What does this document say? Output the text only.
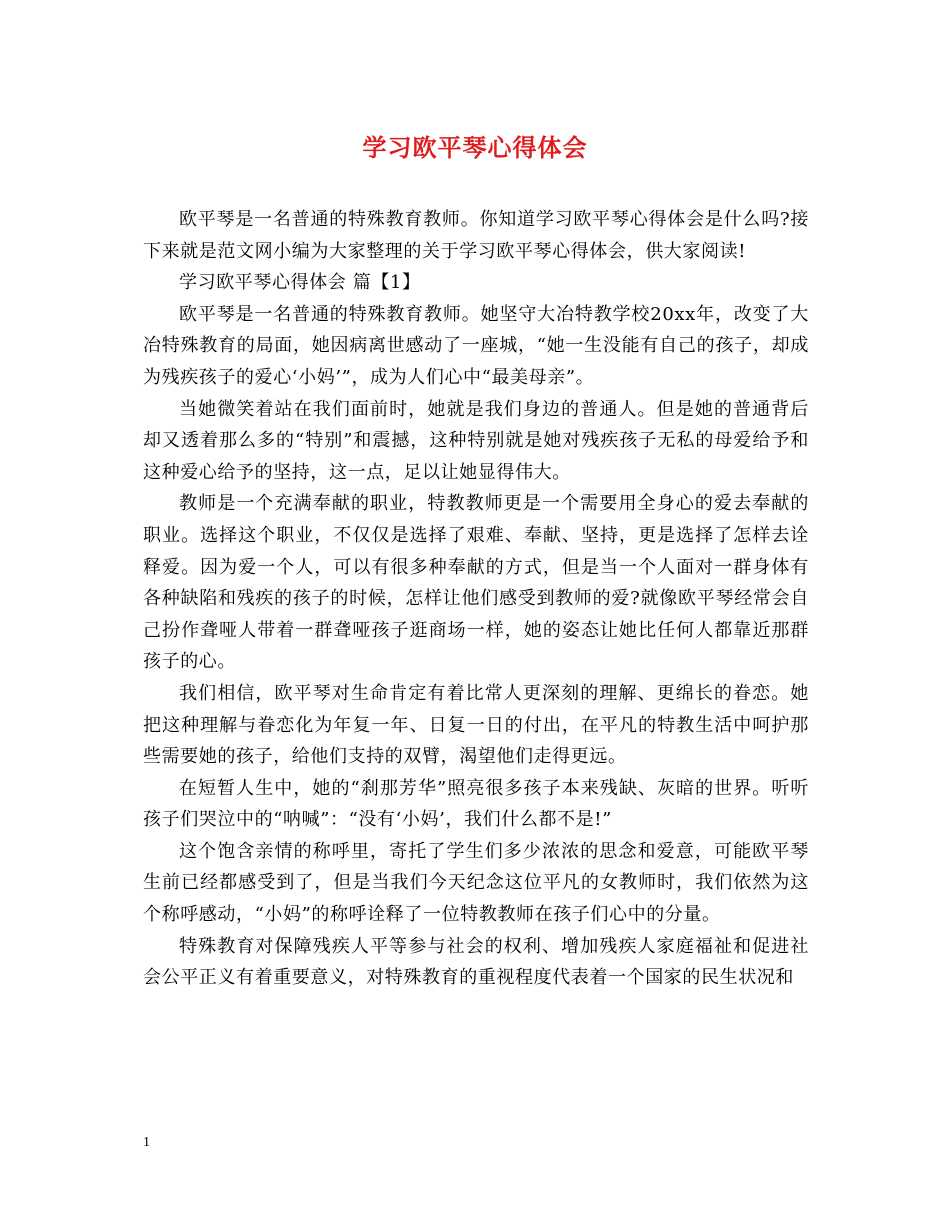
学习欧平琴心得体会

欧平琴是一名普通的特殊教育教师。你知道学习欧平琴心得体会是什么吗?接下来就是范文网小编为大家整理的关于学习欧平琴心得体会，供大家阅读!

学习欧平琴心得体会 篇【1】

欧平琴是一名普通的特殊教育教师。她坚守大冶特教学校20xx年，改变了大冶特殊教育的局面，她因病离世感动了一座城，“她一生没能有自己的孩子，却成为残疾孩子的爱心‘小妈’”，成为人们心中“最美母亲”。

当她微笑着站在我们面前时，她就是我们身边的普通人。但是她的普通背后却又透着那么多的“特别”和震撼，这种特别就是她对残疾孩子无私的母爱给予和这种爱心给予的坚持，这一点，足以让她显得伟大。

教师是一个充满奉献的职业，特教教师更是一个需要用全身心的爱去奉献的职业。选择这个职业，不仅仅是选择了艰难、奉献、坚持，更是选择了怎样去诠释爱。因为爱一个人，可以有很多种奉献的方式，但是当一个人面对一群身体有各种缺陷和残疾的孩子的时候，怎样让他们感受到教师的爱?就像欧平琴经常会自己扮作聋哑人带着一群聋哑孩子逛商场一样，她的姿态让她比任何人都靠近那群孩子的心。

我们相信，欧平琴对生命肯定有着比常人更深刻的理解、更绵长的眷恋。她把这种理解与眷恋化为年复一年、日复一日的付出，在平凡的特教生活中呵护那些需要她的孩子，给他们支持的双臂，渴望他们走得更远。

在短暂人生中，她的“刹那芳华”照亮很多孩子本来残缺、灰暗的世界。听听孩子们哭泣中的“呐喊”：“没有‘小妈’，我们什么都不是!”

这个饱含亲情的称呼里，寄托了学生们多少浓浓的思念和爱意，可能欧平琴生前已经都感受到了，但是当我们今天纪念这位平凡的女教师时，我们依然为这个称呼感动，“小妈”的称呼诠释了一位特教教师在孩子们心中的分量。

特殊教育对保障残疾人平等参与社会的权利、增加残疾人家庭福祉和促进社会公平正义有着重要意义，对特殊教育的重视程度代表着一个国家的民生状况和

1
